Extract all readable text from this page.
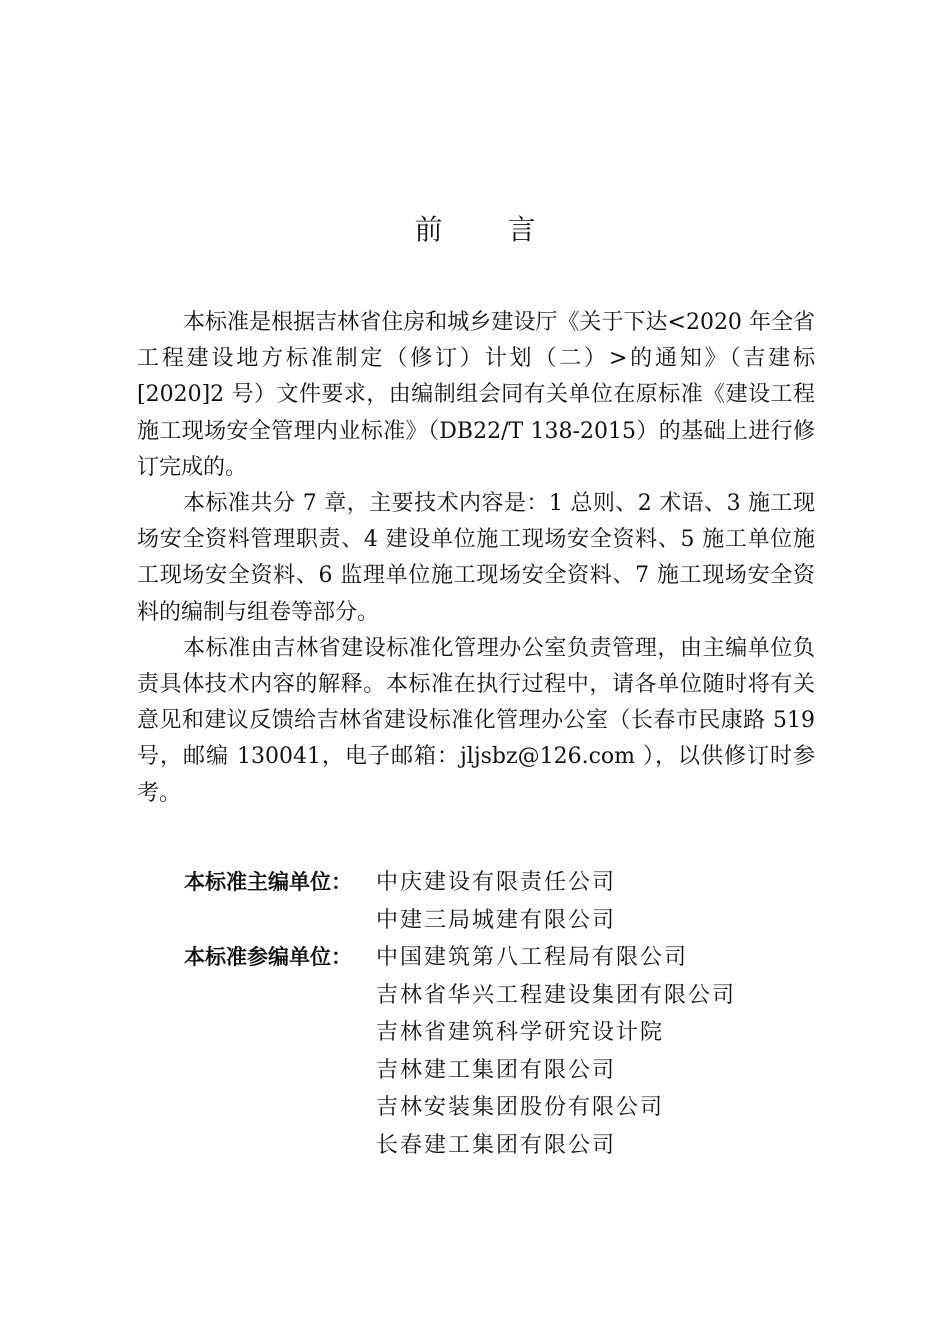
前 言

本标准是根据吉林省住房和城乡建设厅《关于下达<2020 年全省工程建设地方标准制定（修订）计划（二）>的通知》（吉建标[2020]2 号）文件要求，由编制组会同有关单位在原标准《建设工程施工现场安全管理内业标准》（DB22/T 138-2015）的基础上进行修订完成的。

本标准共分 7 章，主要技术内容是：1 总则、2 术语、3 施工现场安全资料管理职责、4 建设单位施工现场安全资料、5 施工单位施工现场安全资料、6 监理单位施工现场安全资料、7 施工现场安全资料的编制与组卷等部分。

本标准由吉林省建设标准化管理办公室负责管理，由主编单位负责具体技术内容的解释。本标准在执行过程中，请各单位随时将有关意见和建议反馈给吉林省建设标准化管理办公室（长春市民康路 519 号，邮编 130041，电子邮箱：jljsbz@126.com ），以供修订时参考。

本标准主编单位：	中庆建设有限责任公司
中建三局城建有限公司
本标准参编单位：	中国建筑第八工程局有限公司
吉林省华兴工程建设集团有限公司
吉林省建筑科学研究设计院
吉林建工集团有限公司
吉林安装集团股份有限公司
长春建工集团有限公司
